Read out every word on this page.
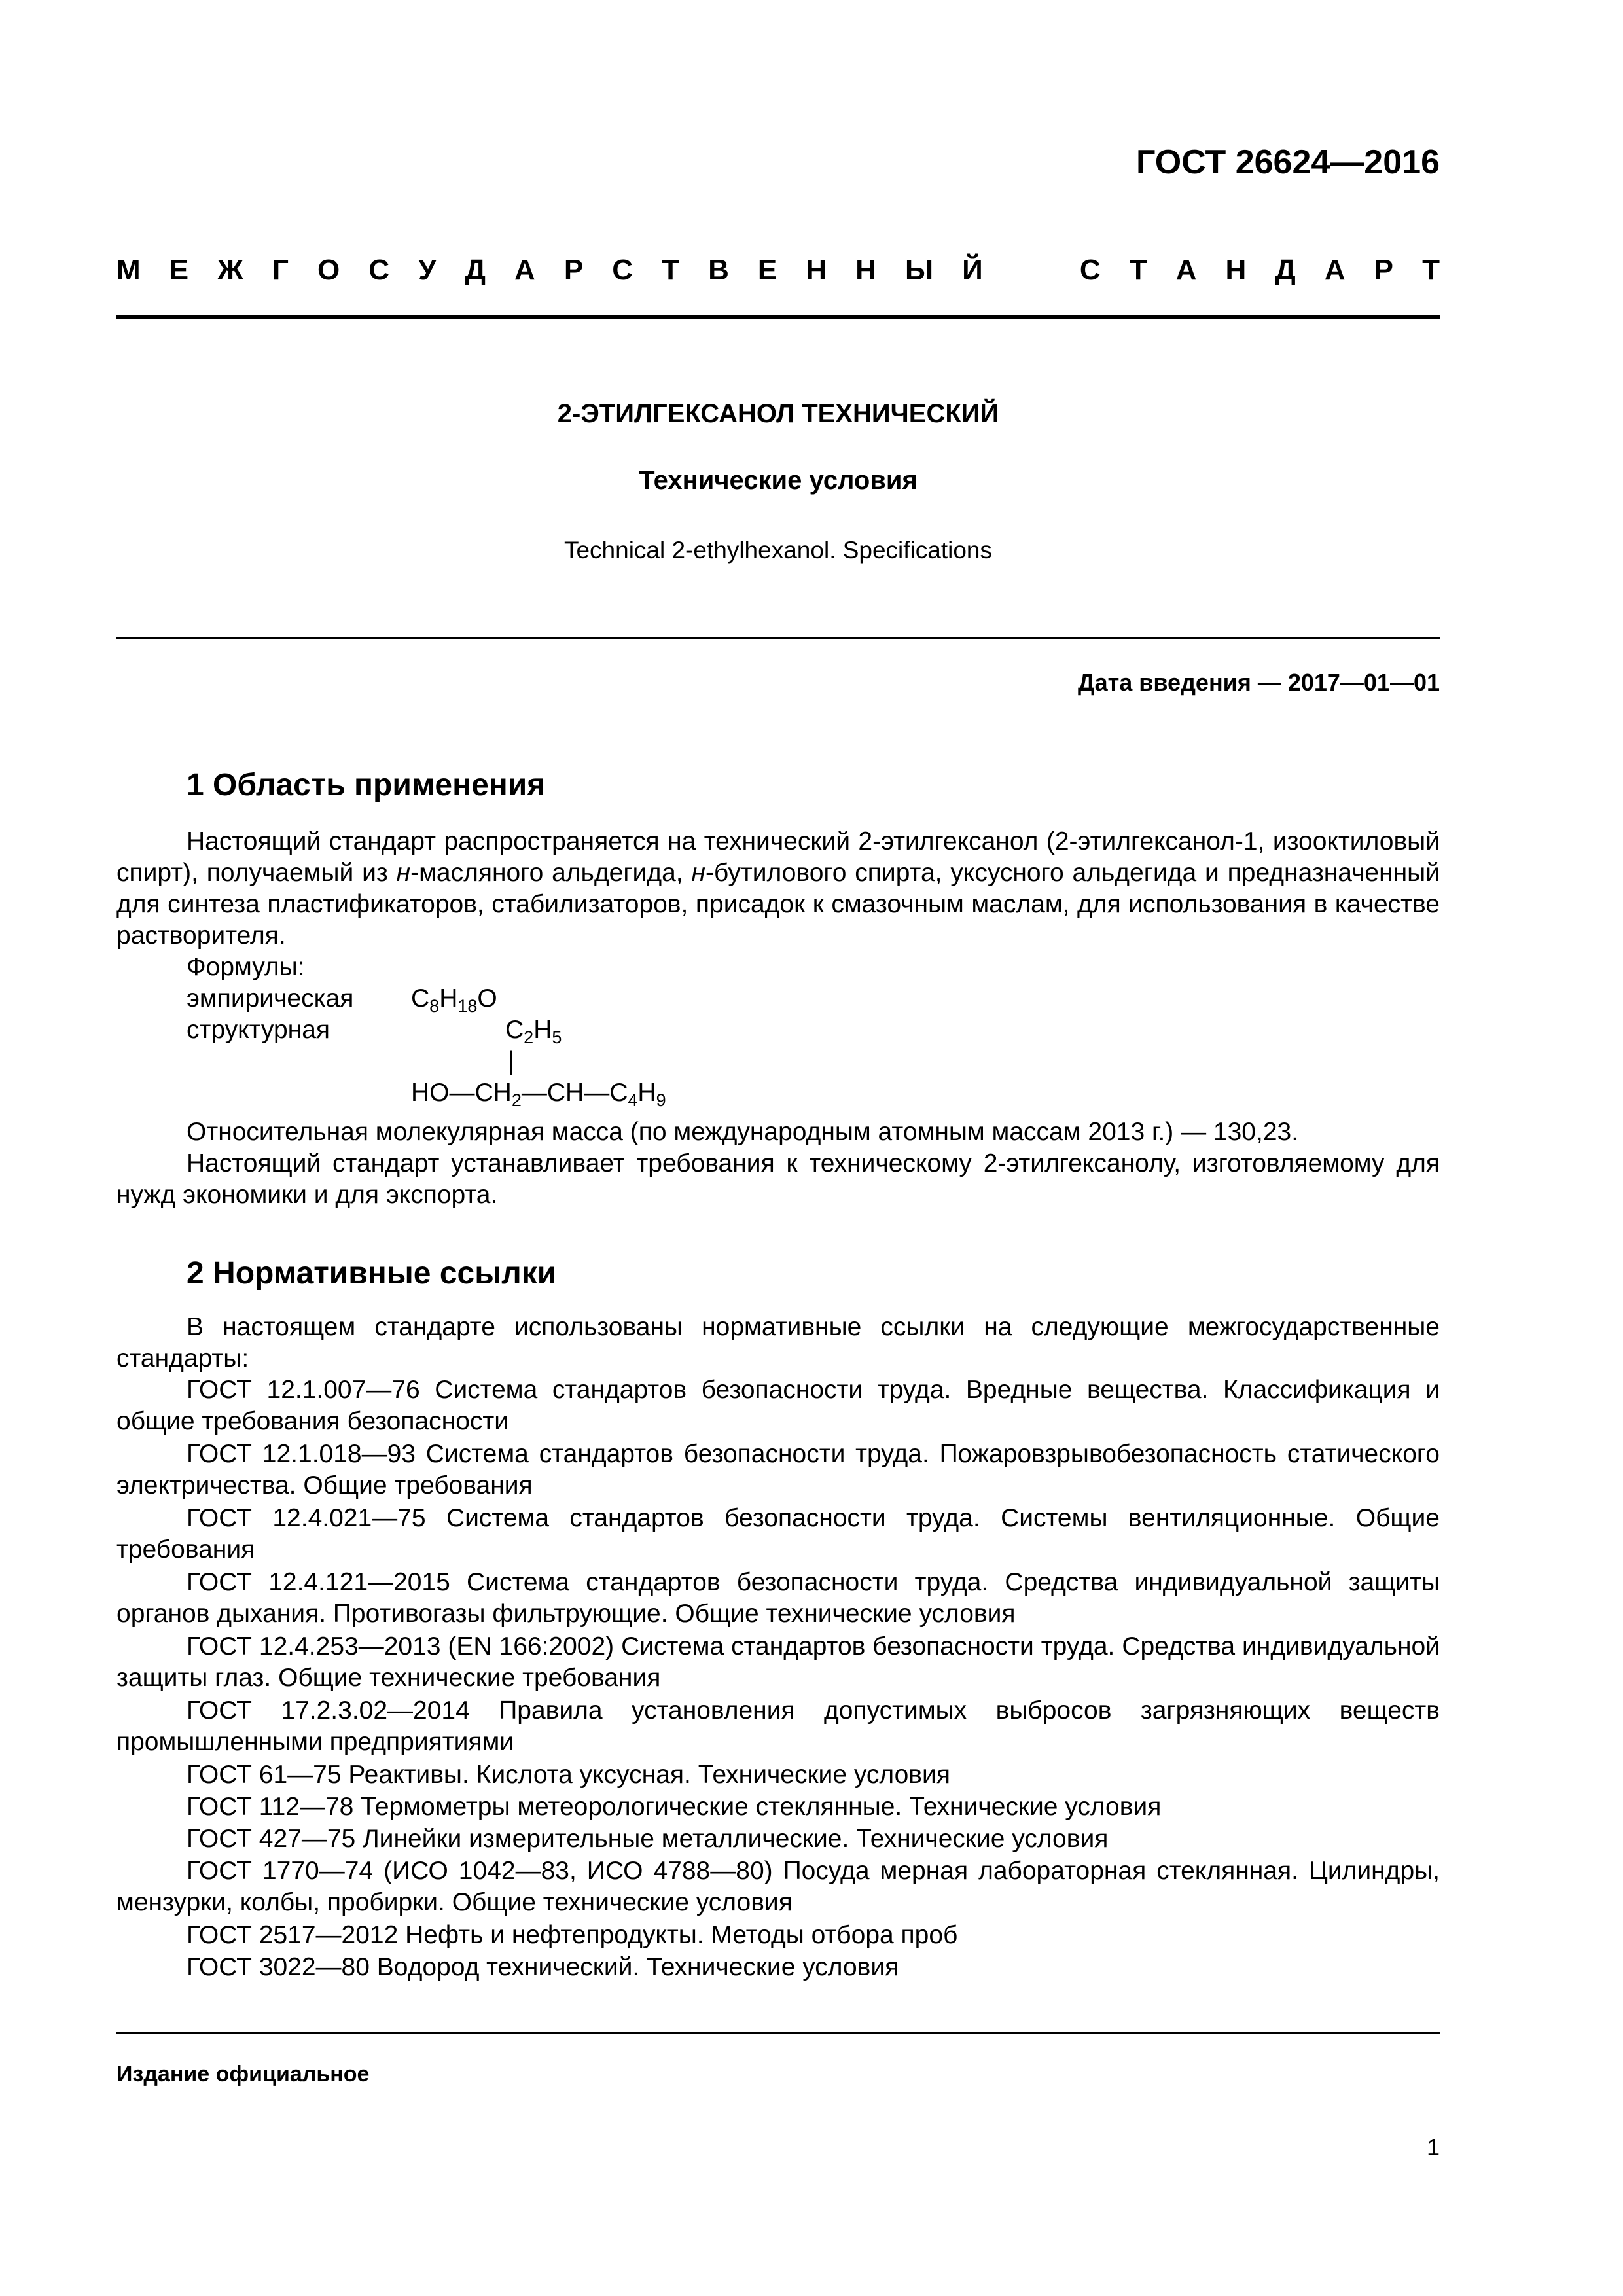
ГОСТ 26624—2016
М Е Ж Г О С У Д А Р С Т В Е Н Н Ы Й	С Т А Н Д А Р Т
2-ЭТИЛГЕКСАНОЛ ТЕХНИЧЕСКИЙ
Технические условия
Technical 2-ethylhexanol. Specifications
Дата введения — 2017—01—01
1 Область применения
Настоящий стандарт распространяется на технический 2-этилгексанол (2-этилгексанол-1, изооктиловый спирт), получаемый из н-масляного альдегида, н-бутилового спирта, уксусного альдегида и предназначенный для синтеза пластификаторов, стабилизаторов, присадок к смазочным маслам, для использования в качестве растворителя.
Формулы:
эмпирическая $C_8H_{18}O$
структурная	$C_2H_5$
|
$HO—CH_2—CH—C_4H_9$
Относительная молекулярная масса (по международным атомным массам 2013 г.) — 130,23.
Настоящий стандарт устанавливает требования к техническому 2-этилгексанолу, изготовляемому для нужд экономики и для экспорта.
2 Нормативные ссылки
В настоящем стандарте использованы нормативные ссылки на следующие межгосударственные стандарты:
ГОСТ 12.1.007—76 Система стандартов безопасности труда. Вредные вещества. Классификация и общие требования безопасности
ГОСТ 12.1.018—93 Система стандартов безопасности труда. Пожаровзрывобезопасность статического электричества. Общие требования
ГОСТ 12.4.021—75 Система стандартов безопасности труда. Системы вентиляционные. Общие требования
ГОСТ 12.4.121—2015 Система стандартов безопасности труда. Средства индивидуальной защиты органов дыхания. Противогазы фильтрующие. Общие технические условия
ГОСТ 12.4.253—2013 (EN 166:2002) Система стандартов безопасности труда. Средства индивидуальной защиты глаз. Общие технические требования
ГОСТ 17.2.3.02—2014 Правила установления допустимых выбросов загрязняющих веществ промышленными предприятиями
ГОСТ 61—75 Реактивы. Кислота уксусная. Технические условия
ГОСТ 112—78 Термометры метеорологические стеклянные. Технические условия
ГОСТ 427—75 Линейки измерительные металлические. Технические условия
ГОСТ 1770—74 (ИСО 1042—83, ИСО 4788—80) Посуда мерная лабораторная стеклянная. Цилиндры, мензурки, колбы, пробирки. Общие технические условия
ГОСТ 2517—2012 Нефть и нефтепродукты. Методы отбора проб
ГОСТ 3022—80 Водород технический. Технические условия
Издание официальное
1
